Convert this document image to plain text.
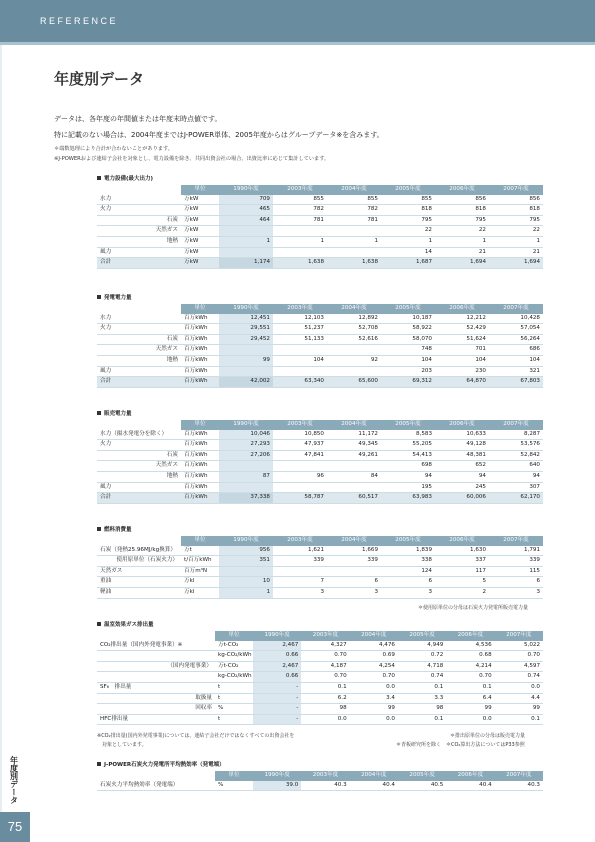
REFERENCE
年度別データ
データは、各年度の年間値または年度末時点値です。
特に記載のない場合は、2004年度まではJ-POWER単体、2005年度からはグループデータ※を含みます。
＊端数処理により合計が合わないことがあります。
※J-POWERおよび連結子会社を対象とし、電力設備を除き、共同出資会社の場合、出資比率に応じて集計しています。
電力設備(最大出力)
	単位	1990年度	2003年度	2004年度	2005年度	2006年度	2007年度
水力	万kW	709	855	855	855	856	856
火力	万kW	465	782	782	818	818	818
石炭	万kW	464	781	781	795	795	795
天然ガス	万kW				22	22	22
地熱	万kW	1	1	1	1	1	1
風力	万kW				14	21	21
合計	万kW	1,174	1,638	1,638	1,687	1,694	1,694
発電電力量
	単位	1990年度	2003年度	2004年度	2005年度	2006年度	2007年度
水力	百万kWh	12,451	12,103	12,892	10,187	12,212	10,428
火力	百万kWh	29,551	51,237	52,708	58,922	52,429	57,054
石炭	百万kWh	29,452	51,133	52,616	58,070	51,624	56,264
天然ガス	百万kWh				748	701	686
地熱	百万kWh	99	104	92	104	104	104
風力	百万kWh				203	230	321
合計	百万kWh	42,002	63,340	65,600	69,312	64,870	67,803
販売電力量
	単位	1990年度	2003年度	2004年度	2005年度	2006年度	2007年度
水力（揚水発電分を除く）	百万kWh	10,046	10,850	11,172	8,583	10,633	8,287
火力	百万kWh	27,293	47,937	49,345	55,205	49,128	53,576
石炭	百万kWh	27,206	47,841	49,261	54,413	48,381	52,842
天然ガス	百万kWh				698	652	640
地熱	百万kWh	87	96	84	94	94	94
風力	百万kWh				195	245	307
合計	百万kWh	37,338	58,787	60,517	63,983	60,006	62,170
燃料消費量
	単位	1990年度	2003年度	2004年度	2005年度	2006年度	2007年度
石炭（発熱25.96MJ/kg換算）	万t	956	1,621	1,669	1,839	1,630	1,791
使用原単位（石炭火力）	t/百万kWh	351	339	339	338	337	339
天然ガス	百万m³N				124	117	115
重油	万kl	10	7	6	6	5	6
軽油	万kl	1	3	3	3	2	3
温室効果ガス排出量
	単位	1990年度	2003年度	2004年度	2005年度	2006年度	2007年度
CO₂排出量（国内外発電事業）※	万t-CO₂	2,467	4,327	4,476	4,949	4,536	5,022
	kg-CO₂/kWh	0.66	0.70	0.69	0.72	0.68	0.70
（国内発電事業）	万t-CO₂	2,467	4,187	4,254	4,718	4,214	4,597
	kg-CO₂/kWh	0.66	0.70	0.70	0.74	0.70	0.74
SF₆　排出量	t	-	0.1	0.0	0.1	0.1	0.0
取扱量	t	-	6.2	3.4	3.3	6.4	4.4
回収率	%	-	98	99	98	99	99
HFC排出量	t	-	0.0	0.0	0.1	0.0	0.1
J-POWER石炭火力発電所平均熱効率（発電端）
	単位	1990年度	2003年度	2004年度	2005年度	2006年度	2007年度
石炭火力平均熱効率（発電端）	%	39.0	40.3	40.4	40.5	40.4	40.3
＊使用原単位の分母は石炭火力発電所販売電力量
※CO₂排出量(国内外発電事業)については、連結子会社だけではなくすべての出資会社を
　対象としています。
＊排出原単位の分母は販売電力量
＊青板研究所を除く　＊CO₂算出方法についてはP33参照
年度別データ
75
